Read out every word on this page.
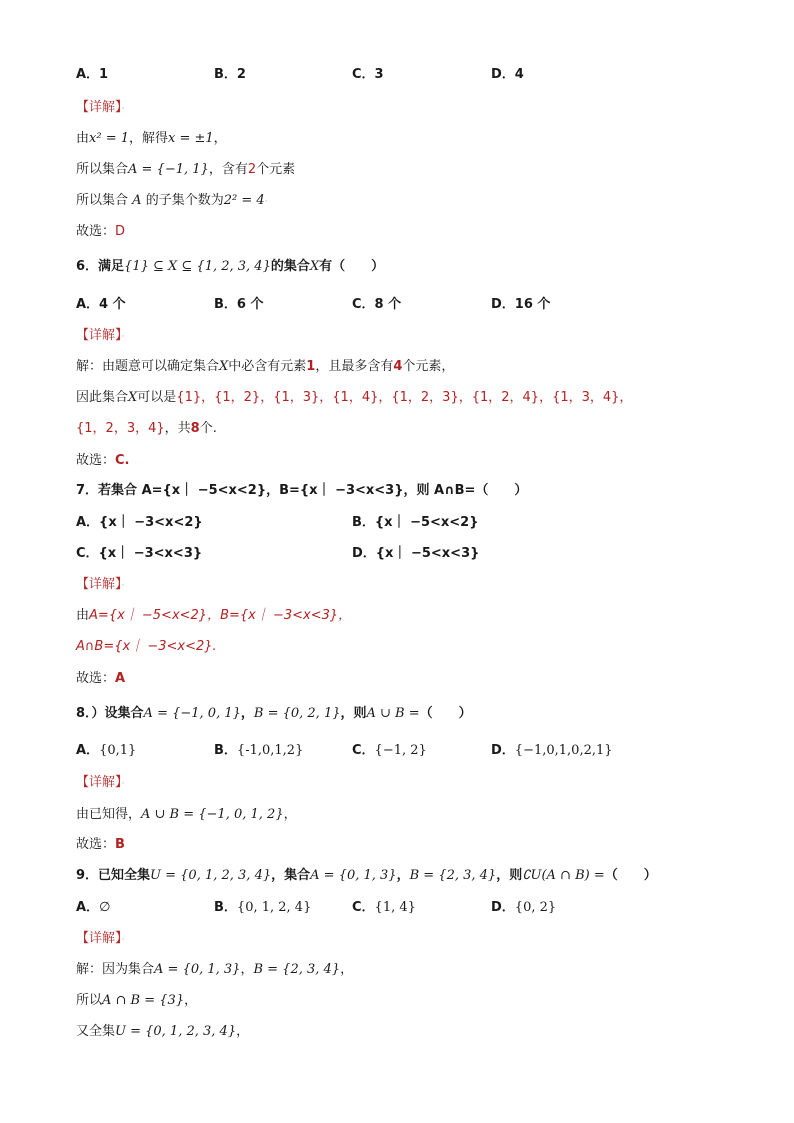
A．1	B．2	C．3	D．4
【详解】·
由x² = 1，解得x = ±1，
所以集合A = {−1, 1}，含有2个元素
所以集合 A 的子集个数为2² = 4·
故选：D
6．满足{1} ⊆ X ⊆ {1, 2, 3, 4}的集合X有（　　）
A．4 个	B．6 个	C．8 个	D．16 个
【详解】·
解：由题意可以确定集合X中必含有元素1，且最多含有4个元素，
因此集合X可以是{1}，{1，2}，{1，3}，{1，4}，{1，2，3}，{1，2，4}，{1，3，4}，
{1，2，3，4}，共8个.
故选：C.
7．若集合 A={x｜ −5<x<2}，B={x｜ −3<x<3}，则 A∩B=（　　）
A．{x｜ −3<x<2}	B．{x｜ −5<x<2}
C．{x｜ −3<x<3}	D．{x｜ −5<x<3}
【详解】·
由A={x｜ −5<x<2}，B={x｜ −3<x<3}，
A∩B={x｜ −3<x<2}.
故选：A
8．）设集合A = {−1, 0, 1}，B = {0, 2, 1}，则A ∪ B =（　　）
A．{0,1}	B．{-1,0,1,2}	C．{−1, 2}	D．{−1,0,1,0,2,1}
【详解】·
由已知得，A ∪ B = {−1, 0, 1, 2}，
故选：B
9．已知全集U = {0, 1, 2, 3, 4}，集合A = {0, 1, 3}，B = {2, 3, 4}，则∁U(A ∩ B) =（　　）
A．∅	B．{0, 1, 2, 4}	C．{1, 4}	D．{0, 2}
【详解】·
解：因为集合A = {0, 1, 3}，B = {2, 3, 4}，
所以A ∩ B = {3}，
又全集U = {0, 1, 2, 3, 4}，
